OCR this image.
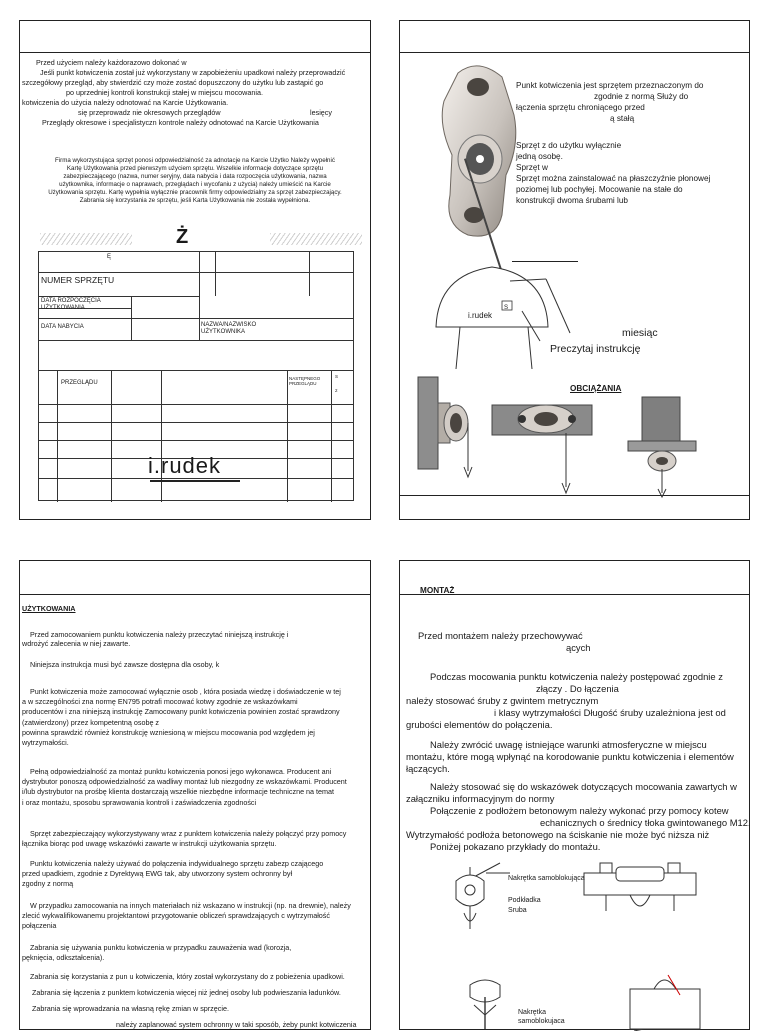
Przed użyciem należy każdorazowo dokonać w
Jeśli punkt kotwiczenia został już wykorzystany w zapobieżeniu upadkowi należy przeprowadzić
szczegółowy przegląd, aby stwierdzić czy może zostać dopuszczony do użytku lub zastąpić go
po uprzedniej kontroli konstrukcji stałej w miejscu mocowania.
kotwiczenia do użycia należy odnotować na Karcie Użytkowania.
się przeprowadz nie okresowych przeglądów	lesięcy
Przeglądy okresowe i specjalistyczn kontrole należy odnotować na Karcie Użytkowania
Firma wykorzystująca sprzęt ponosi odpowiedzialność za adnotacje na Karcie Użytko Należy wypełnić
Kartę Użytkowania przed pierwszym użyciem sprzętu. Wszelkie informacje dotyczące sprzętu
zabezpieczającego (nazwa, numer seryjny, data nabycia i data rozpoczęcia użytkowania, nazwa
użytkownika, informacje o naprawach, przeglądach i wycofaniu z użycia) należy umieścić na Karcie
Użytkowania sprzętu. Kartę wypełnia wyłącznie pracownik firmy odpowiedzialny za sprzęt zabezpieczający.
Zabrania się korzystania ze sprzętu, jeśli Karta Użytkowania nie została wypełniona.
Ż
Ę
NUMER SPRZĘTU
DATA ROZPOCZĘCIA UŻYTKOWANIA
DATA NABYCIA	NAZWA/NAZWISKO UŻYTKOWNIKA
PRZEGLĄDU
NASTĘPNEGO PRZEGLĄDU
S
2
i.rudek
Punkt kotwiczenia jest sprzętem przeznaczonym do
zgodnie z normą Służy do
łączenia sprzętu chroniącego przed
ą stałą
Sprzęt z do użytku wyłącznie
jedną osobę.
Sprzęt w
Sprzęt można zainstalować na płaszczyźnie płonowej
poziomej lub pochyłej. Mocowanie na stałe do
konstrukcji dwoma śrubami lub
i.rudek
S
miesiąc
Preczytaj instrukcję
OBCIĄŻANIA
UŻYTKOWANIA
Przed zamocowaniem punktu kotwiczenia należy przeczytać niniejszą instrukcję i
wdrożyć zalecenia w niej zawarte.
Niniejsza instrukcja musi być zawsze dostępna dla osoby, k
Punkt kotwiczenia może zamocować wyłącznie osob , która posiada wiedzę i doświadczenie w tej
a w szczególności zna normę EN795 potrafi mocować kotwy zgodnie ze wskazówkami
producentów i zna niniejszą instrukcję Zamocowany punkt kotwiczenia powinien zostać sprawdzony
(zatwierdzony) przez kompetentną osobę z
powinna sprawdzić również konstrukcję wzniesioną w miejscu mocowania pod względem jej
wytrzymałości.
Pełną odpowiedzialność za montaż punktu kotwiczenia ponosi jego wykonawca. Producent ani
dystrybutor ponoszą odpowiedzialność za wadliwy montaż lub niezgodny ze wskazówkami. Producent
i/lub dystrybutor na prośbę klienta dostarczają wszelkie niezbędne informacje techniczne na temat
i oraz montażu, sposobu sprawowania kontroli i zaświadczenia zgodności
Sprzęt zabezpieczający wykorzystywany wraz z punktem kotwiczenia należy połączyć przy pomocy
łącznika biorąc pod uwagę wskazówki zawarte w instrukcji użytkowania sprzętu.
Punktu kotwiczenia należy używać do połączenia indywidualnego sprzętu zabezp czającego
przed upadkiem, zgodnie z Dyrektywą EWG tak, aby utworzony system ochronny był
zgodny z normą
W przypadku zamocowania na innych materiałach niż wskazano w instrukcji (np. na drewnie), należy
zlecić wykwalifikowanemu projektantowi przygotowanie obliczeń sprawdzających c wytrzymałość
połączenia
Zabrania się używania punktu kotwiczenia w przypadku zauważenia wad (korozja,
pęknięcia, odkształcenia).
Zabrania się korzystania z pun u kotwiczenia, który został wykorzystany do z pobieżenia upadkowi.
Zabrania się łączenia z punktem kotwiczenia więcej niż jednej osoby lub podwieszania ładunków.
Zabrania się wprowadzania na własną rękę zmian w sprzęcie.
należy zaplanować system ochronny w taki sposób, żeby punkt kotwiczenia
MONTAŻ
Przed montażem należy przechowywać
ących
Podczas mocowania punktu kotwiczenia należy postępować zgodnie z
złączy . Do łączenia
należy stosować śruby z gwintem metrycznym
i klasy wytrzymałości Długość śruby uzależniona jest od
grubości elementów do połączenia.
Należy zwrócić uwagę istniejące warunki atmosferyczne w miejscu
montażu, które mogą wpłynąć na korodowanie punktu kotwiczenia i elementów
łączących.
Należy stosować się do wskazówek dotyczących mocowania zawartych w
załączniku informacyjnym do normy
Połączenie z podłożem betonowym należy wykonać przy pomocy kotew
echanicznych o średnicy tłoka gwintowanego M12.
Wytrzymałość podłoża betonowego na ściskanie nie może być niższa niż
Poniżej pokazano przykłady do montażu.
Nakrętka samoblokująca
Podkładka
Sruba
Nakrętka
samoblokujaca
